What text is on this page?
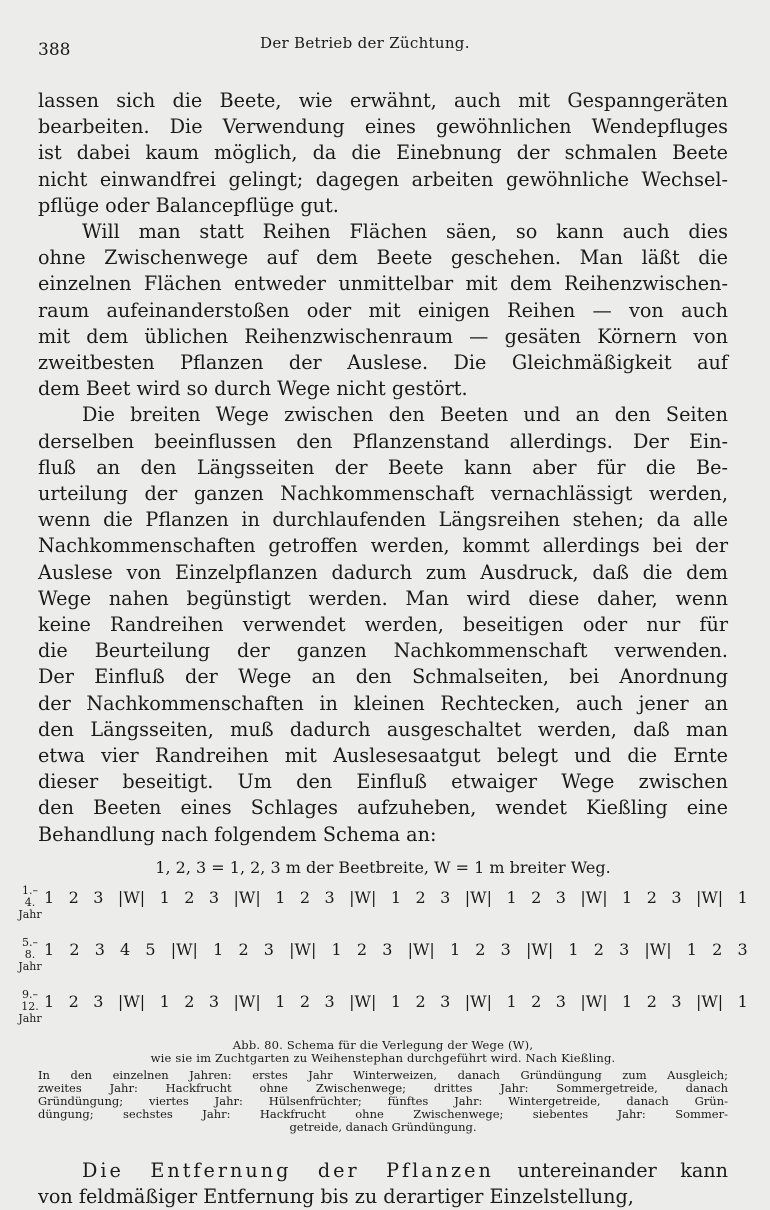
388	Der Betrieb der Züchtung.

lassen sich die Beete, wie erwähnt, auch mit Gespanngeräten
bearbeiten. Die Verwendung eines gewöhnlichen Wendepfluges
ist dabei kaum möglich, da die Einebnung der schmalen Beete
nicht einwandfrei gelingt; dagegen arbeiten gewöhnliche Wechsel-
pflüge oder Balancepflüge gut.

Will man statt Reihen Flächen säen, so kann auch dies
ohne Zwischenwege auf dem Beete geschehen. Man läßt die
einzelnen Flächen entweder unmittelbar mit dem Reihenzwischen-
raum aufeinanderstoßen oder mit einigen Reihen — von auch
mit dem üblichen Reihenzwischenraum — gesäten Körnern von
zweitbesten Pflanzen der Auslese. Die Gleichmäßigkeit auf
dem Beet wird so durch Wege nicht gestört.

Die breiten Wege zwischen den Beeten und an den Seiten
derselben beeinflussen den Pflanzenstand allerdings. Der Ein-
fluß an den Längsseiten der Beete kann aber für die Be-
urteilung der ganzen Nachkommenschaft vernachlässigt werden,
wenn die Pflanzen in durchlaufenden Längsreihen stehen; da alle
Nachkommenschaften getroffen werden, kommt allerdings bei der
Auslese von Einzelpflanzen dadurch zum Ausdruck, daß die dem
Wege nahen begünstigt werden. Man wird diese daher, wenn
keine Randreihen verwendet werden, beseitigen oder nur für
die Beurteilung der ganzen Nachkommenschaft verwenden.
Der Einfluß der Wege an den Schmalseiten, bei Anordnung
der Nachkommenschaften in kleinen Rechtecken, auch jener an
den Längsseiten, muß dadurch ausgeschaltet werden, daß man
etwa vier Randreihen mit Auslesesaatgut belegt und die Ernte
dieser beseitigt. Um den Einfluß etwaiger Wege zwischen
den Beeten eines Schlages aufzuheben, wendet Kießling eine
Behandlung nach folgendem Schema an:

1, 2, 3 = 1, 2, 3 m der Beetbreite, W = 1 m breiter Weg.
1.–4.
Jahr
1 2 3 |W| 1 2 3 |W| 1 2 3 |W| 1 2 3 |W| 1 2 3 |W| 1 2 3 |W| 1
5.–8.
Jahr
1 2 3 4 5 |W| 1 2 3 |W| 1 2 3 |W| 1 2 3 |W| 1 2 3 |W| 1 2 3
9.–12.
Jahr
1 2 3 |W| 1 2 3 |W| 1 2 3 |W| 1 2 3 |W| 1 2 3 |W| 1 2 3 |W| 1
Abb. 80. Schema für die Verlegung der Wege (W),
wie sie im Zuchtgarten zu Weihenstephan durchgeführt wird. Nach Kießling.
In den einzelnen Jahren: erstes Jahr Winterweizen, danach Gründüngung zum Ausgleich;
zweites Jahr: Hackfrucht ohne Zwischenwege; drittes Jahr: Sommergetreide, danach
Gründüngung; viertes Jahr: Hülsenfrüchter; fünftes Jahr: Wintergetreide, danach Grün-
düngung; sechstes Jahr: Hackfrucht ohne Zwischenwege; siebentes Jahr: Sommer-
getreide, danach Gründüngung.
Die Entfernung der Pflanzen untereinander kann
von feldmäßiger Entfernung bis zu derartiger Einzelstellung,
